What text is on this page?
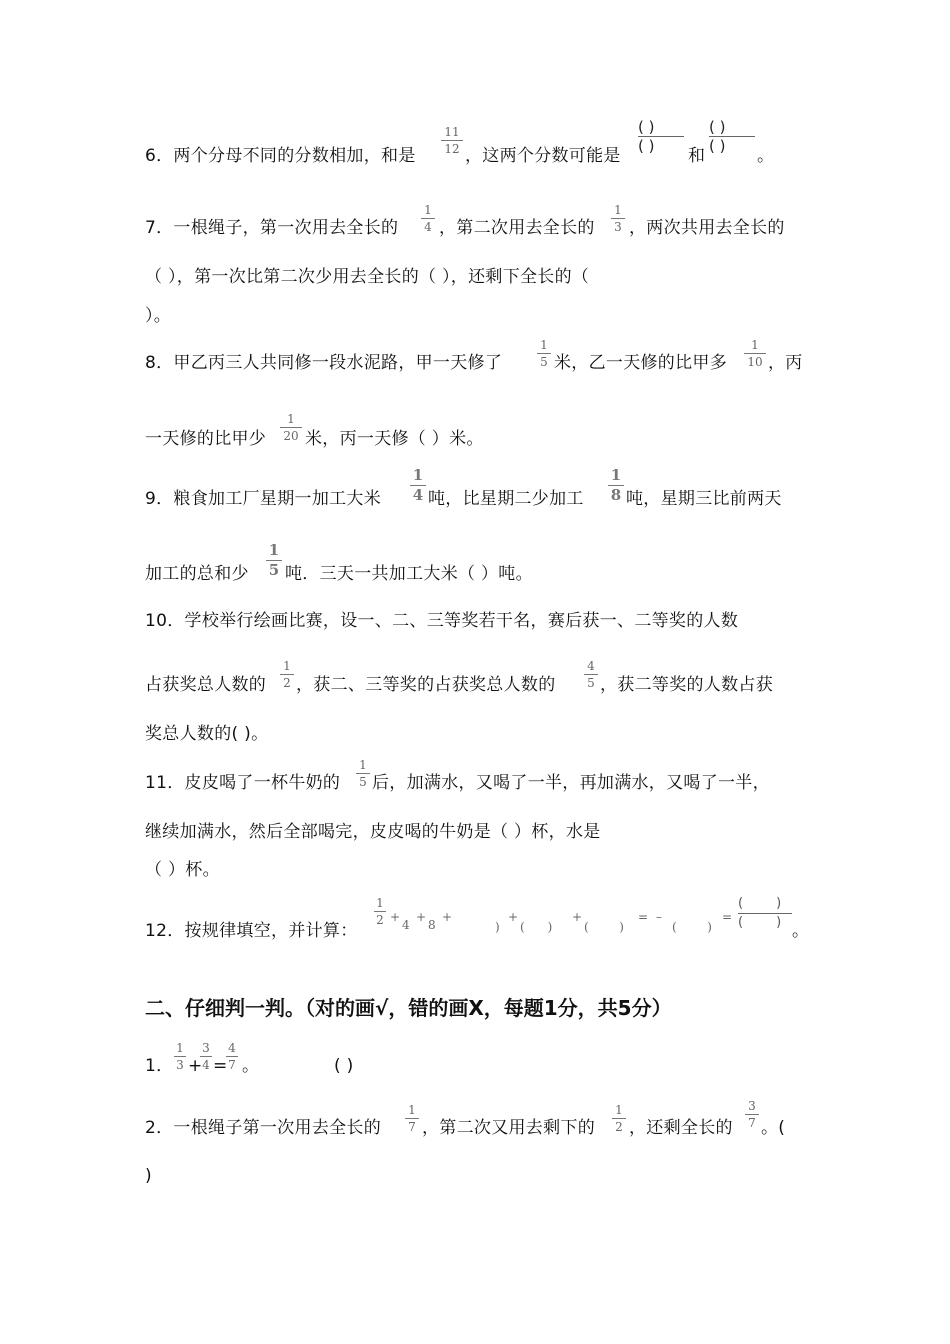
6．两个分母不同的分数相加，和是
11
12 ，这两个分数可能是
( )
( )	和
( )
( )	。
7．一根绳子，第一次用去全长的
1
4 ，第二次用去全长的
1
3 ，两次共用去全长的
（ ），第一次比第二次少用去全长的（ ），还剩下全长的（
）。
8．甲乙丙三人共同修一段水泥路，甲一天修了
1
5 米，乙一天修的比甲多
1
10 ，丙
一天修的比甲少
1
20 米，丙一天修（ ）米。
9．粮食加工厂星期一加工大米
1
4 吨，比星期二少加工
1
8 吨，星期三比前两天
加工的总和少
1
5 吨．三天一共加工大米（ ）吨。
10．学校举行绘画比赛，设一、二、三等奖若干名，赛后获一、二等奖的人数
占获奖总人数的
1
2 ，获二、三等奖的占获奖总人数的
4
5 ，获二等奖的人数占获
奖总人数的( )。
11．皮皮喝了一杯牛奶的
1
5 后，加满水，又喝了一半，再加满水，又喝了一半，
继续加满水，然后全部喝完，皮皮喝的牛奶是（ ）杯，水是
（ ）杯。
12．按规律填空，并计算：
1
2 +
4
+
8
+
)
+
(      )
+
(        )
= –
(        )
=
(        )
(        ) 。
二、仔细判一判。（对的画√，错的画X，每题1分，共5分）
1．
1
3 +
3
4 =
4
7 。	( )
2．一根绳子第一次用去全长的
1
7 ，第二次又用去剩下的
1
2 ，还剩全长的
3
7 。(
)
